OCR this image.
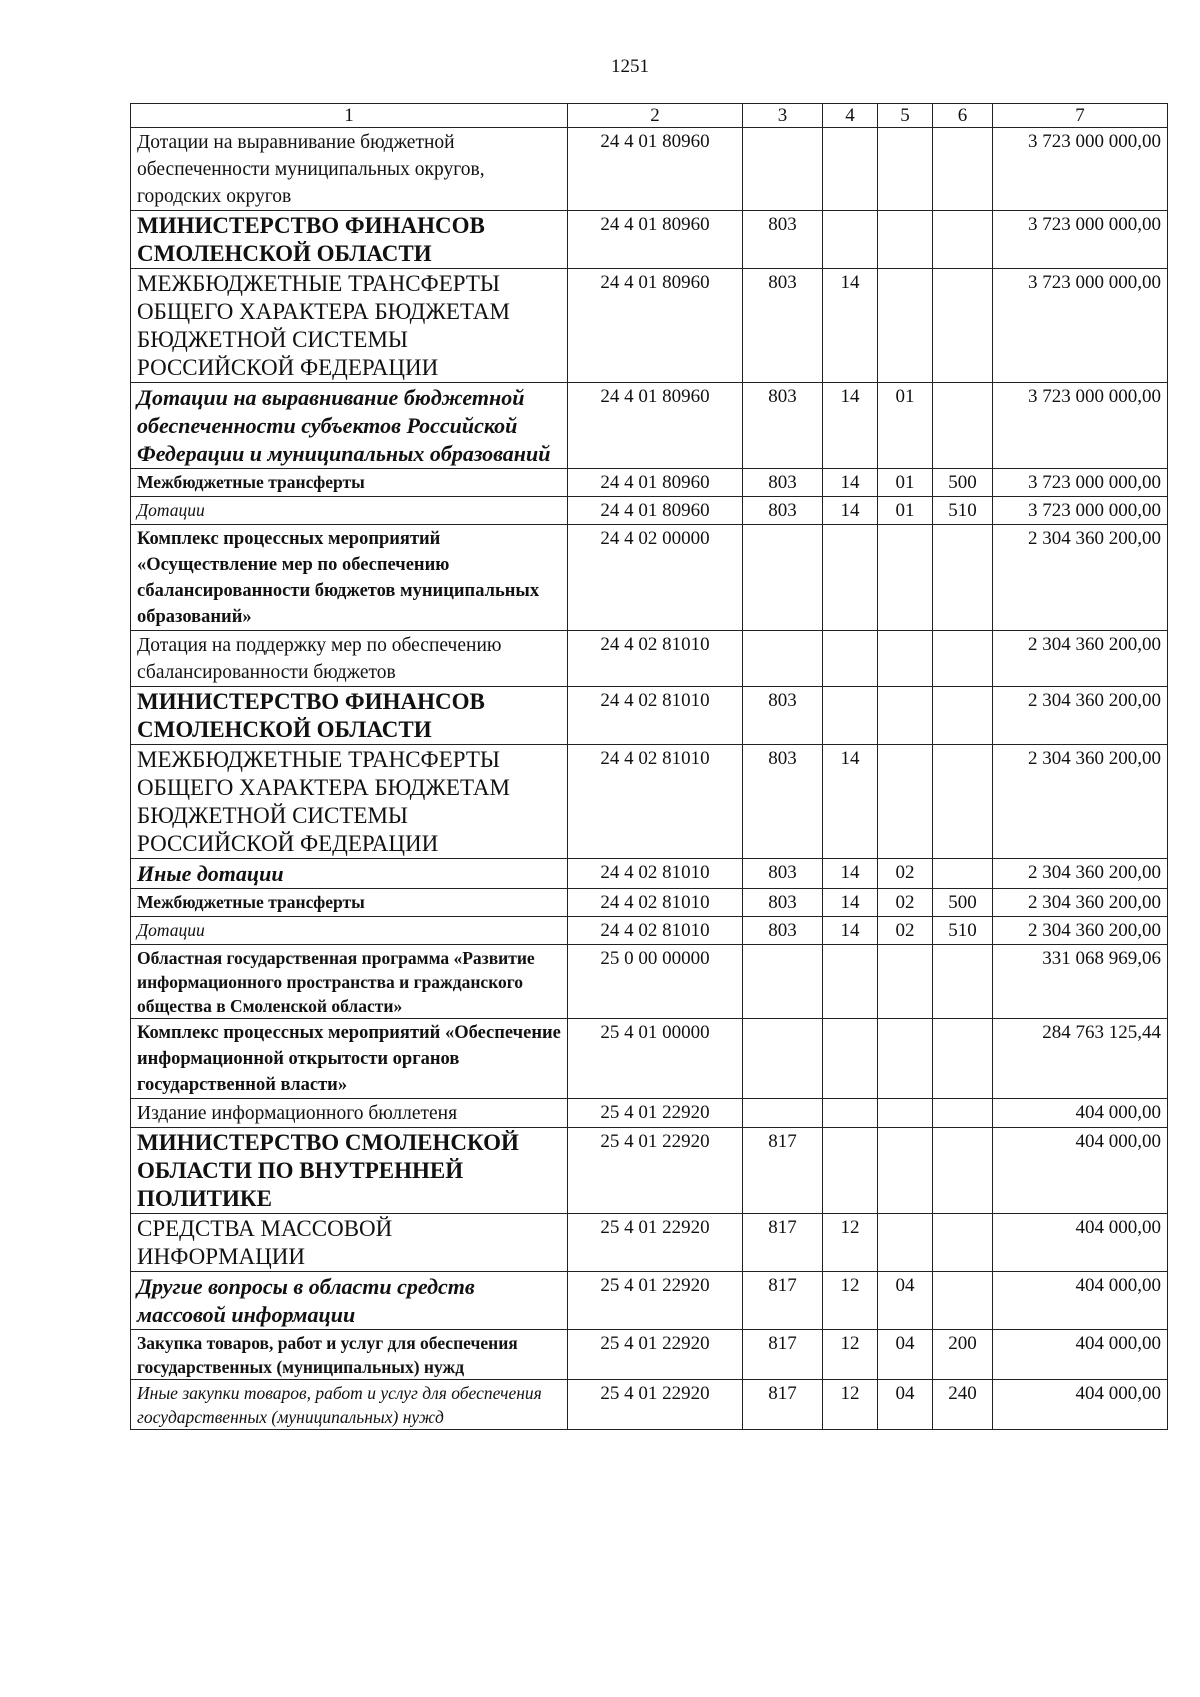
1251
1	2	3	4	5	6	7
Дотации на выравнивание бюджетной обеспеченности муниципальных округов, городских округов	24 4 01 80960					3 723 000 000,00
МИНИСТЕРСТВО ФИНАНСОВ СМОЛЕНСКОЙ ОБЛАСТИ	24 4 01 80960	803				3 723 000 000,00
МЕЖБЮДЖЕТНЫЕ ТРАНСФЕРТЫ ОБЩЕГО ХАРАКТЕРА БЮДЖЕТАМ БЮДЖЕТНОЙ СИСТЕМЫ РОССИЙСКОЙ ФЕДЕРАЦИИ	24 4 01 80960	803	14			3 723 000 000,00
Дотации на выравнивание бюджетной обеспеченности субъектов Российской Федерации и муниципальных образований	24 4 01 80960	803	14	01		3 723 000 000,00
Межбюджетные трансферты	24 4 01 80960	803	14	01	500	3 723 000 000,00
Дотации	24 4 01 80960	803	14	01	510	3 723 000 000,00
Комплекс процессных мероприятий «Осуществление мер по обеспечению сбалансированности бюджетов муниципальных образований»	24 4 02 00000					2 304 360 200,00
Дотация на поддержку мер по обеспечению сбалансированности бюджетов	24 4 02 81010					2 304 360 200,00
МИНИСТЕРСТВО ФИНАНСОВ СМОЛЕНСКОЙ ОБЛАСТИ	24 4 02 81010	803				2 304 360 200,00
МЕЖБЮДЖЕТНЫЕ ТРАНСФЕРТЫ ОБЩЕГО ХАРАКТЕРА БЮДЖЕТАМ БЮДЖЕТНОЙ СИСТЕМЫ РОССИЙСКОЙ ФЕДЕРАЦИИ	24 4 02 81010	803	14			2 304 360 200,00
Иные дотации	24 4 02 81010	803	14	02		2 304 360 200,00
Межбюджетные трансферты	24 4 02 81010	803	14	02	500	2 304 360 200,00
Дотации	24 4 02 81010	803	14	02	510	2 304 360 200,00
Областная государственная программа «Развитие информационного пространства и гражданского общества в Смоленской области»	25 0 00 00000					331 068 969,06
Комплекс процессных мероприятий «Обеспечение информационной открытости органов государственной власти»	25 4 01 00000					284 763 125,44
Издание информационного бюллетеня	25 4 01 22920					404 000,00
МИНИСТЕРСТВО СМОЛЕНСКОЙ ОБЛАСТИ ПО ВНУТРЕННЕЙ ПОЛИТИКЕ	25 4 01 22920	817				404 000,00
СРЕДСТВА МАССОВОЙ ИНФОРМАЦИИ	25 4 01 22920	817	12			404 000,00
Другие вопросы в области средств массовой информации	25 4 01 22920	817	12	04		404 000,00
Закупка товаров, работ и услуг для обеспечения государственных (муниципальных) нужд	25 4 01 22920	817	12	04	200	404 000,00
Иные закупки товаров, работ и услуг для обеспечения государственных (муниципальных) нужд	25 4 01 22920	817	12	04	240	404 000,00
